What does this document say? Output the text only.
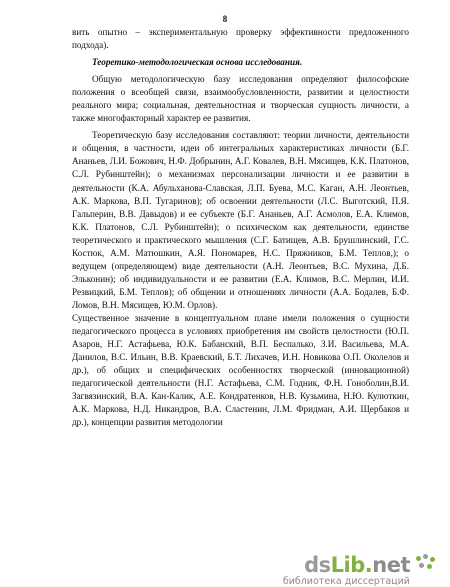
8

вить опытно – экспериментальную проверку эффективности предложенного подхода).

Теоретико-методологическая основа исследования.

Общую методологическую базу исследования определяют философские положения о всеобщей связи, взаимообусловленности, развитии и целостности реального мира; социальная, деятельностная и творческая сущность личности, а также многофакторный характер ее развития.

Теоретическую базу исследования составляют: теории личности, деятельности и общения, в частности, идеи об интегральных характеристиках личности (Б.Г. Ананьев, Л.И. Божович, Н.Ф. Добрынин, А.Г. Ковалев, В.Н. Мясищев, К.К. Платонов, С.Л. Рубинштейн); о механизмах персонализации личности и ее развитии в деятельности (К.А. Абульханова-Славская, Л.П. Буева, М.С. Каган, А.Н. Леонтьев, А.К. Маркова, В.П. Тугаринов); об освоении деятельности (Л.С. Выготский, П.Я. Гальперин, В.В. Давыдов) и ее субъекте (Б.Г. Ананьев, А.Г. Асмолов, Е.А. Климов, К.К. Платонов, С.Л. Рубинштейн); о психическом как деятельности, единстве теоретического и практического мышления (С.Г. Батищев, А.В. Брушлинский, Г.С. Костюк, А.М. Матюшкин, А.Я. Пономарев, Н.С. Пряжников, Б.М. Теплов,); о ведущем (определяющем) виде деятельности (А.Н. Леонтьев, В.С. Мухина, Д.Б. Эльконин); об индивидуальности и ее развитии (Е.А. Климов, В.С. Мерлин, И.И. Резвицкий, Б.М. Теплов); об общении и отношениях личности (А.А. Бодалев, Б.Ф. Ломов, В.Н. Мясищев, Ю.М. Орлов).

Существенное значение в концептуальном плане имели положения о сущности педагогического процесса в условиях приобретения им свойств целостности (Ю.П. Азаров, Н.Г. Астафьева, Ю.К. Бабанский, В.П. Беспалько, З.И. Васильева, М.А. Данилов, В.С. Ильин, В.В. Краевский, Б.Т. Лихачев, И.Н. Новикова О.П. Околелов и др.), об общих и специфических особенностях творческой (инновационной) педагогической деятельности (Н.Г. Астафьева, С.М. Годник, Ф.Н. Гоноболин,В.И. Загвязинский, В.А. Кан-Калик, А.Е. Кондратенков, Н.В. Кузьмина, Н.Ю. Кулюткин, А.К. Маркова, Н.Д. Никандров, В.А. Сластенин, Л.М. Фридман, А.И. Щербаков и др.), концепции развития методологии
dsLib.net
библиотека диссертаций
